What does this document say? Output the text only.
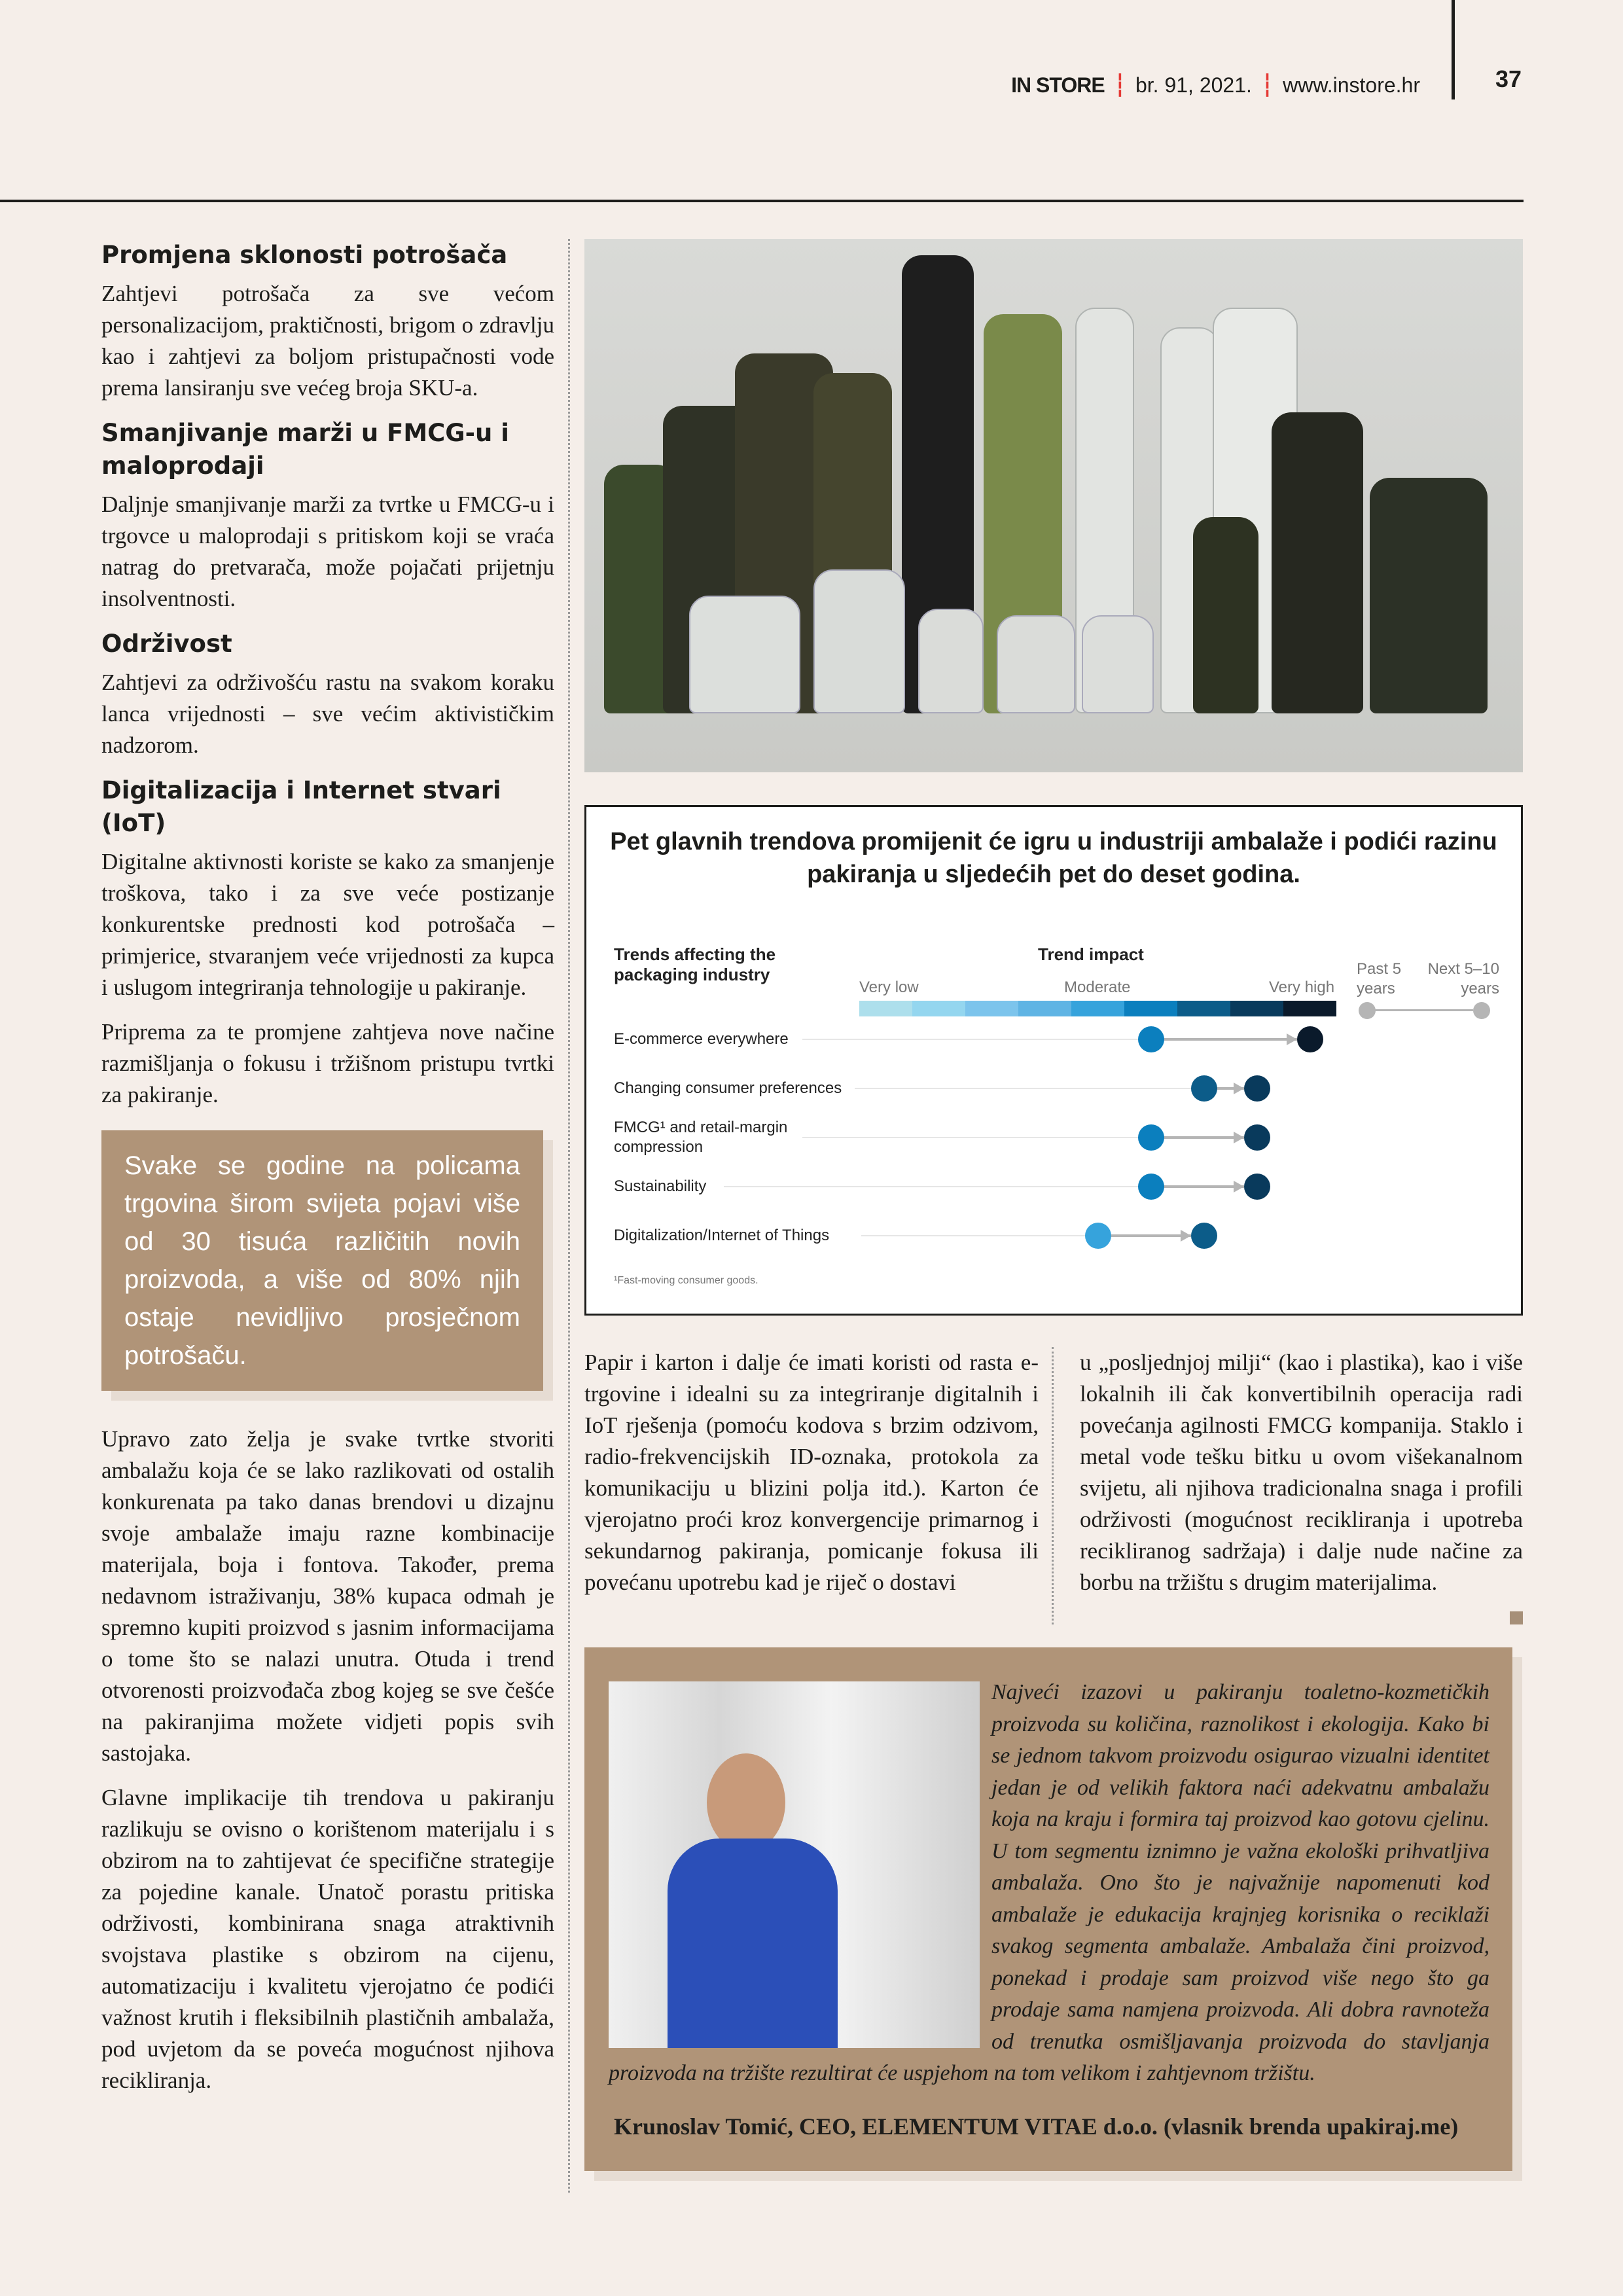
IN STORE ┆ br. 91, 2021. ┆ www.instore.hr	37
Promjena sklonosti potrošača

Zahtjevi potrošača za sve većom personalizacijom, praktičnosti, brigom o zdravlju kao i zahtjevi za boljom pristupačnosti vode prema lansiranju sve većeg broja SKU-a.

Smanjivanje marži u FMCG-u i maloprodaji

Daljnje smanjivanje marži za tvrtke u FMCG-u i trgovce u maloprodaji s pritiskom koji se vraća natrag do pretvarača, može pojačati prijetnju insolventnosti.

Održivost

Zahtjevi za održivošću rastu na svakom koraku lanca vrijednosti – sve većim aktivističkim nadzorom.

Digitalizacija i Internet stvari (IoT)

Digitalne aktivnosti koriste se kako za smanjenje troškova, tako i za sve veće postizanje konkurentske prednosti kod potrošača – primjerice, stvaranjem veće vrijednosti za kupca i uslugom integriranja tehnologije u pakiranje.

Priprema za te promjene zahtjeva nove načine razmišljanja o fokusu i tržišnom pristupu tvrtki za pakiranje.

Svake se godine na policama trgovina širom svijeta pojavi više od 30 tisuća različitih novih proizvoda, a više od 80% njih ostaje nevidljivo prosječnom potrošaču.

Upravo zato želja je svake tvrtke stvoriti ambalažu koja će se lako razlikovati od ostalih konkurenata pa tako danas brendovi u dizajnu svoje ambalaže imaju razne kombinacije materijala, boja i fontova. Također, prema nedavnom istraživanju, 38% kupaca odmah je spremno kupiti proizvod s jasnim informacijama o tome što se nalazi unutra. Otuda i trend otvorenosti proizvođača zbog kojeg se sve češće na pakiranjima možete vidjeti popis svih sastojaka.

Glavne implikacije tih trendova u pakiranju razlikuju se ovisno o korištenom materijalu i s obzirom na to zahtijevat će specifične strategije za pojedine kanale. Unatoč porastu pritiska održivosti, kombinirana snaga atraktivnih svojstava plastike s obzirom na cijenu, automatizaciju i kvalitetu vjerojatno će podići važnost krutih i fleksibilnih plastičnih ambalaža, pod uvjetom da se poveća mogućnost njihova recikliranja.

Pet glavnih trendova promijenit će igru u industriji ambalaže i podići razinu pakiranja u sljedećih pet do deset godina.
Trends affecting the packaging industry
Trend impact
Very low	Moderate	Very high
Past 5 years
Next 5–10 years
E-commerce everywhere
Changing consumer preferences
FMCG¹ and retail-margin compression
Sustainability
Digitalization/Internet of Things
¹Fast-moving consumer goods.

Papir i karton i dalje će imati koristi od rasta e-trgovine i idealni su za integriranje digitalnih i IoT rješenja (pomoću kodova s brzim odzivom, radio-frekvencijskih ID-oznaka, protokola za komunikaciju u blizini polja itd.). Karton će vjerojatno proći kroz konvergencije primarnog i sekundarnog pakiranja, pomicanje fokusa ili povećanu upotrebu kad je riječ o dostavi

u „posljednjoj milji“ (kao i plastika), kao i više lokalnih ili čak konvertibilnih operacija radi povećanja agilnosti FMCG kompanija. Staklo i metal vode tešku bitku u ovom višekanalnom svijetu, ali njihova tradicionalna snaga i profili održivosti (mogućnost recikliranja i upotreba recikliranog sadržaja) i dalje nude načine za borbu na tržištu s drugim materijalima.

Najveći izazovi u pakiranju toaletno-kozmetičkih proizvoda su količina, raznolikost i ekologija. Kako bi se jednom takvom proizvodu osigurao vizualni identitet jedan je od velikih faktora naći adekvatnu ambalažu koja na kraju i formira taj proizvod kao gotovu cjelinu. U tom segmentu iznimno je važna ekološki prihvatljiva ambalaža. Ono što je najvažnije napomenuti kod ambalaže je edukacija krajnjeg korisnika o reciklaži svakog segmenta ambalaže. Ambalaža čini proizvod, ponekad i prodaje sam proizvod više nego što ga prodaje sama namjena proizvoda. Ali dobra ravnoteža od trenutka osmišljavanja proizvoda do stavljanja proizvoda na tržište rezultirat će uspjehom na tom velikom i zahtjevnom tržištu.
Krunoslav Tomić, CEO, ELEMENTUM VITAE d.o.o. (vlasnik brenda upakiraj.me)
